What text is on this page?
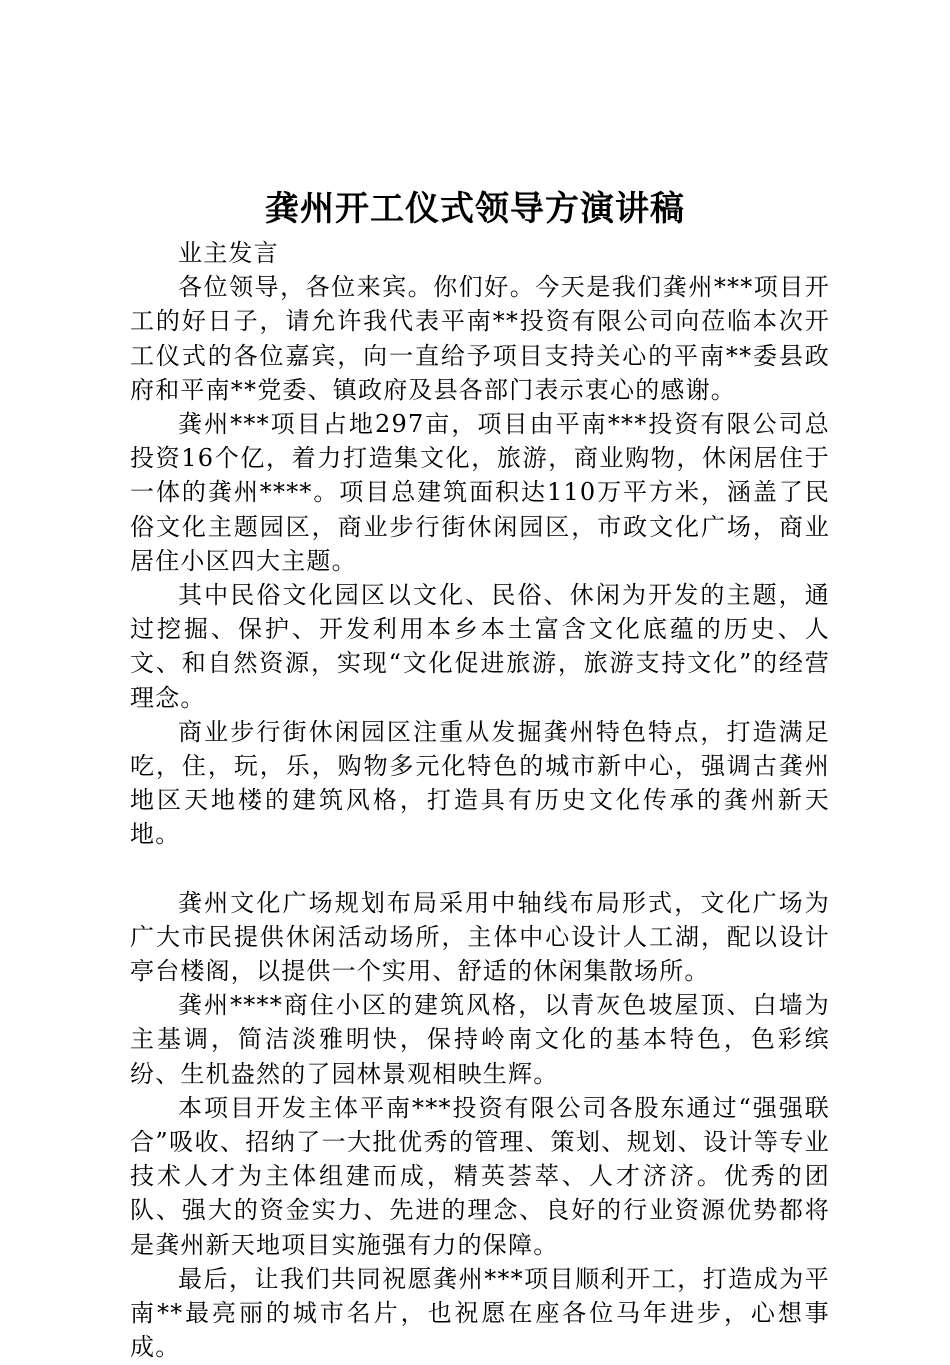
龚州开工仪式领导方演讲稿

业主发言

各位领导，各位来宾。你们好。今天是我们龚州***项目开工的好日子，请允许我代表平南**投资有限公司向莅临本次开工仪式的各位嘉宾，向一直给予项目支持关心的平南**委县政府和平南**党委、镇政府及县各部门表示衷心的感谢。

龚州***项目占地297亩，项目由平南***投资有限公司总投资16个亿，着力打造集文化，旅游，商业购物，休闲居住于一体的龚州****。项目总建筑面积达110万平方米，涵盖了民俗文化主题园区，商业步行街休闲园区，市政文化广场，商业居住小区四大主题。

其中民俗文化园区以文化、民俗、休闲为开发的主题，通过挖掘、保护、开发利用本乡本土富含文化底蕴的历史、人文、和自然资源，实现“文化促进旅游，旅游支持文化”的经营理念。

商业步行街休闲园区注重从发掘龚州特色特点，打造满足吃，住，玩，乐，购物多元化特色的城市新中心，强调古龚州地区天地楼的建筑风格，打造具有历史文化传承的龚州新天地。

龚州文化广场规划布局采用中轴线布局形式，文化广场为广大市民提供休闲活动场所，主体中心设计人工湖，配以设计亭台楼阁，以提供一个实用、舒适的休闲集散场所。

龚州****商住小区的建筑风格，以青灰色坡屋顶、白墙为主基调，简洁淡雅明快，保持岭南文化的基本特色，色彩缤纷、生机盎然的了园林景观相映生辉。

本项目开发主体平南***投资有限公司各股东通过“强强联合”吸收、招纳了一大批优秀的管理、策划、规划、设计等专业技术人才为主体组建而成，精英荟萃、人才济济。优秀的团队、强大的资金实力、先进的理念、良好的行业资源优势都将是龚州新天地项目实施强有力的保障。

最后，让我们共同祝愿龚州***项目顺利开工，打造成为平南**最亮丽的城市名片，也祝愿在座各位马年进步，心想事成。
